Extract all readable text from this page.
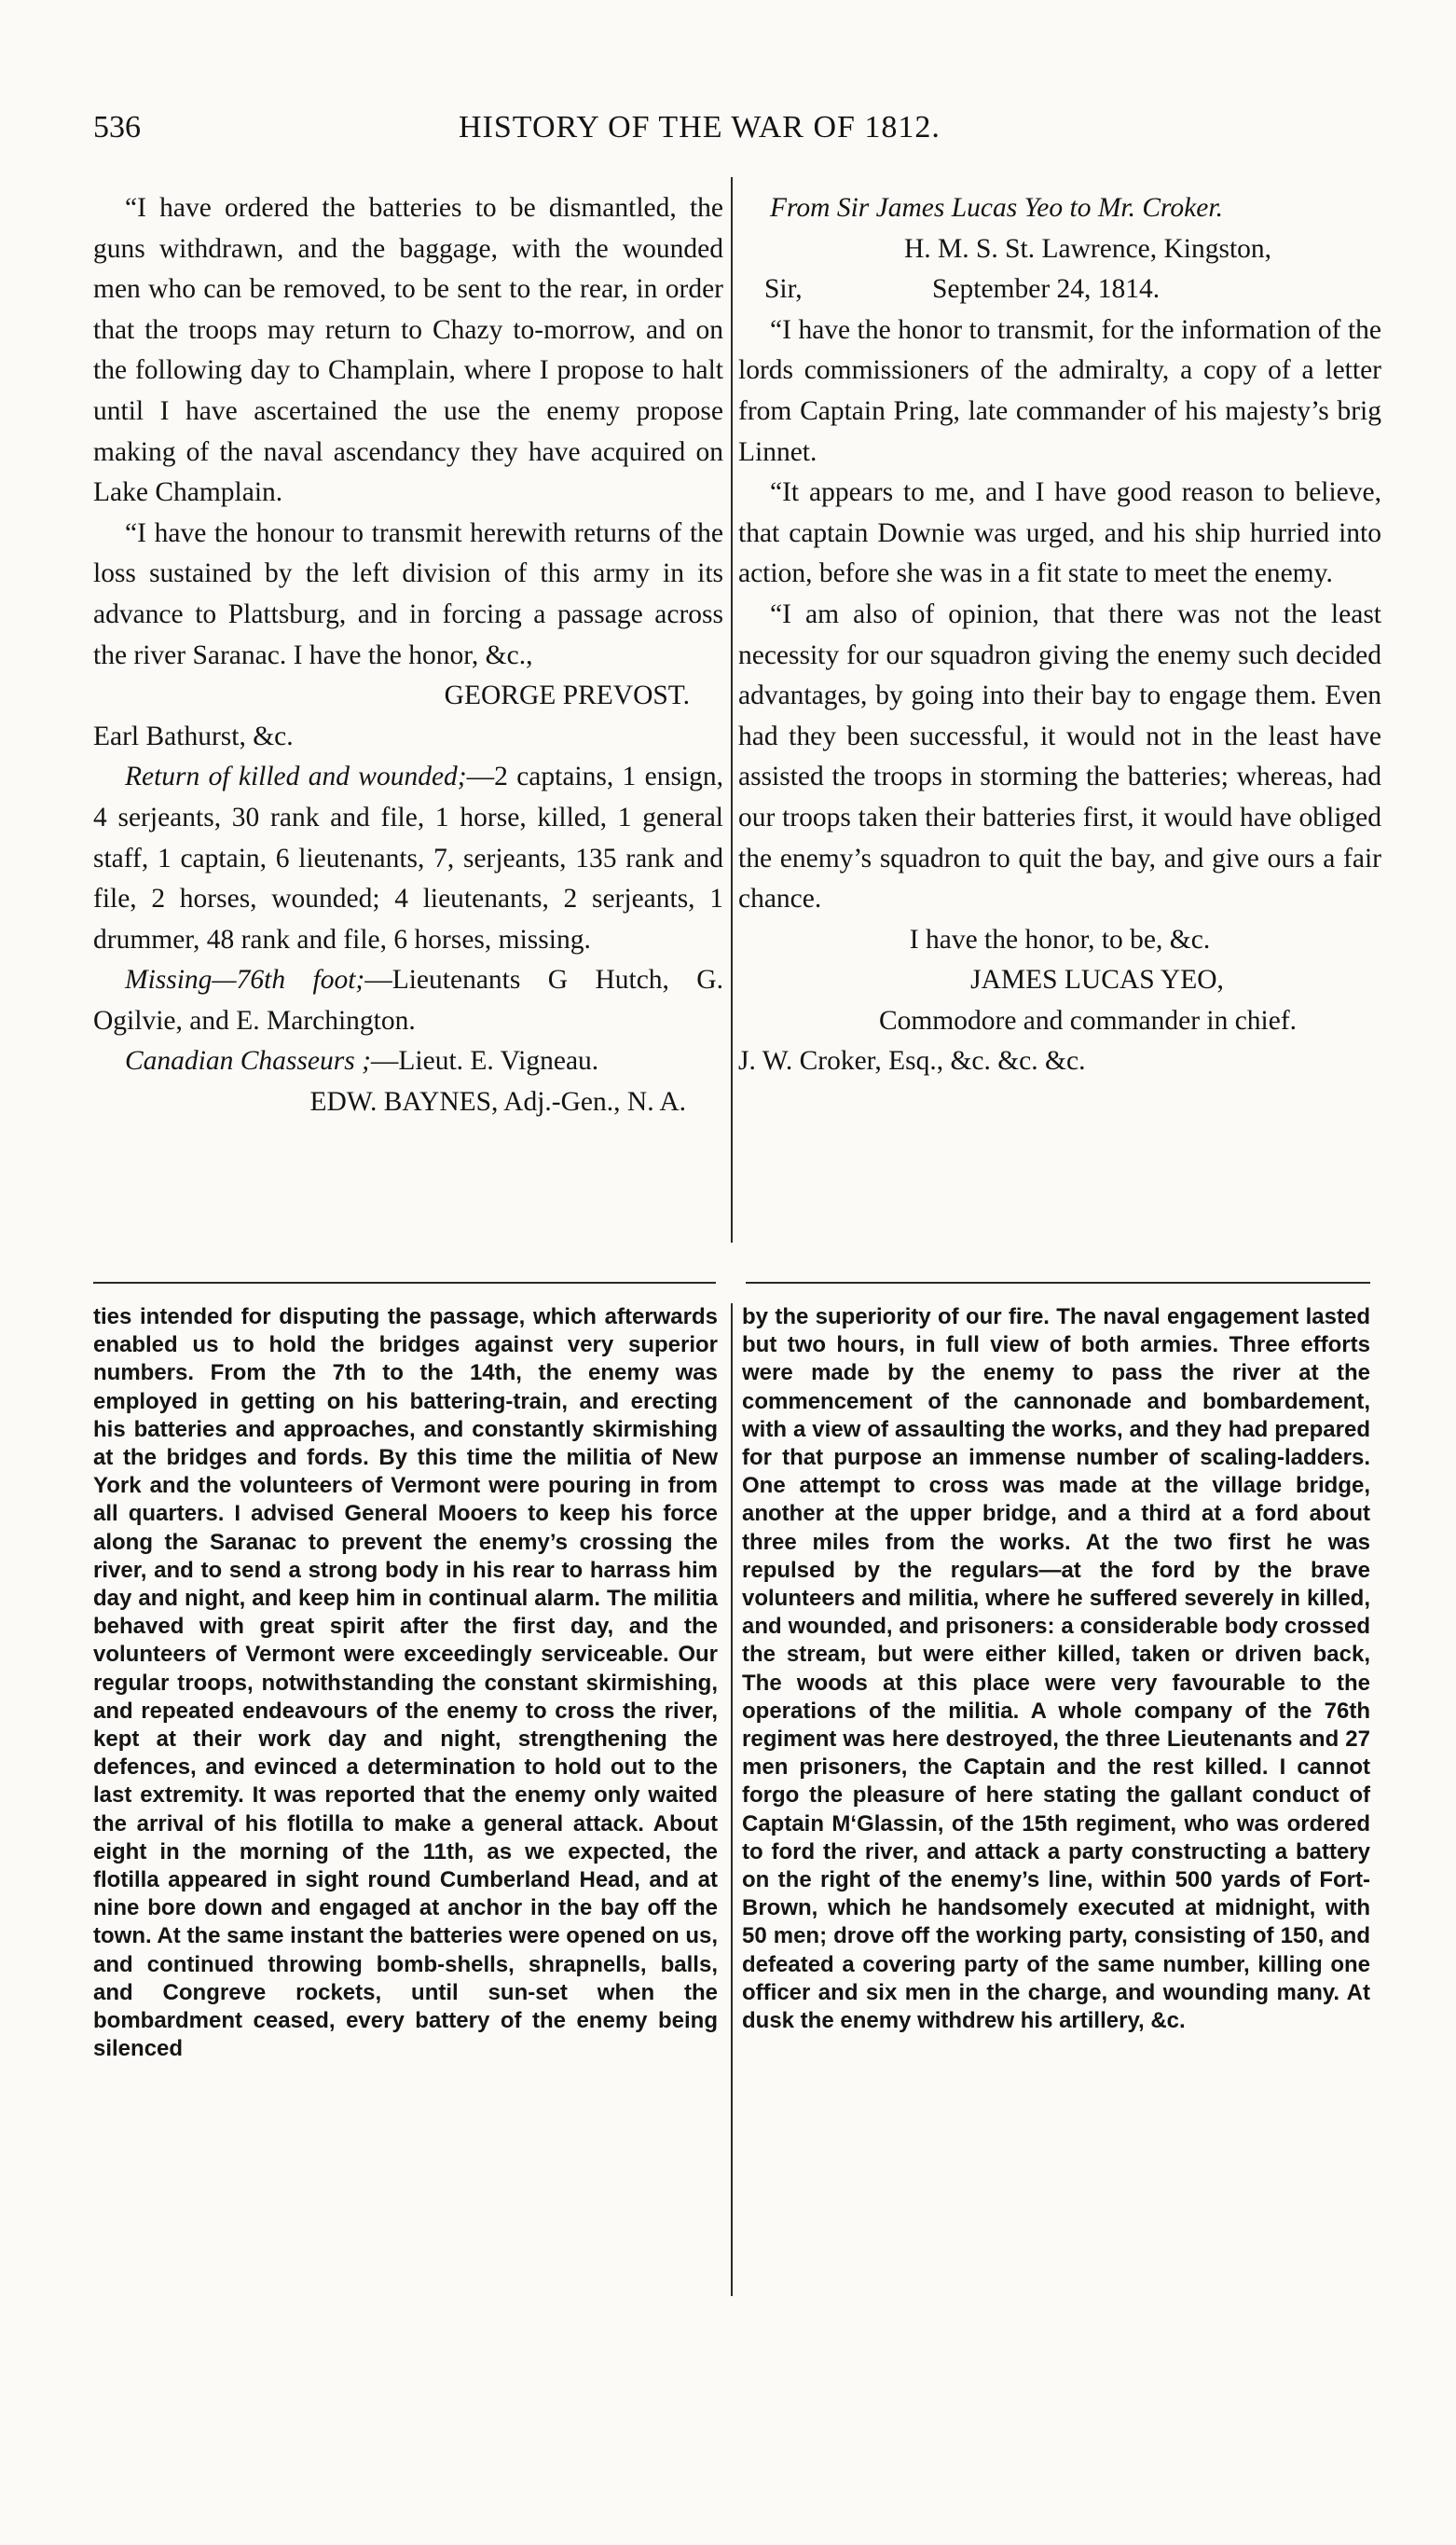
536	HISTORY OF THE WAR OF 1812.

“I have ordered the batteries to be dismantled, the guns withdrawn, and the baggage, with the wounded men who can be removed, to be sent to the rear, in order that the troops may return to Chazy to-morrow, and on the following day to Champlain, where I propose to halt until I have ascertained the use the enemy propose making of the naval ascendancy they have acquired on Lake Champlain.

“I have the honour to transmit herewith returns of the loss sustained by the left division of this army in its advance to Plattsburg, and in forcing a passage across the river Saranac. I have the honor, &c.,

GEORGE PREVOST.

Earl Bathurst, &c.

Return of killed and wounded;—2 captains, 1 ensign, 4 serjeants, 30 rank and file, 1 horse, killed, 1 general staff, 1 captain, 6 lieutenants, 7, serjeants, 135 rank and file, 2 horses, wounded; 4 lieutenants, 2 serjeants, 1 drummer, 48 rank and file, 6 horses, missing.

Missing—76th foot;—Lieutenants G Hutch, G. Ogilvie, and E. Marchington.

Canadian Chasseurs ;—Lieut. E. Vigneau.

EDW. BAYNES, Adj.-Gen., N. A.

From Sir James Lucas Yeo to Mr. Croker.

H. M. S. St. Lawrence, Kingston,

Sir,	September 24, 1814.

“I have the honor to transmit, for the information of the lords commissioners of the admiralty, a copy of a letter from Captain Pring, late commander of his majesty’s brig Linnet.

“It appears to me, and I have good reason to believe, that captain Downie was urged, and his ship hurried into action, before she was in a fit state to meet the enemy.

“I am also of opinion, that there was not the least necessity for our squadron giving the enemy such decided advantages, by going into their bay to engage them. Even had they been successful, it would not in the least have assisted the troops in storming the batteries; whereas, had our troops taken their batteries first, it would have obliged the enemy’s squadron to quit the bay, and give ours a fair chance.

I have the honor, to be, &c.

JAMES LUCAS YEO,

Commodore and commander in chief.

J. W. Croker, Esq., &c. &c. &c.

ties intended for disputing the passage, which afterwards enabled us to hold the bridges against very superior numbers. From the 7th to the 14th, the enemy was employed in getting on his battering-train, and erecting his batteries and approaches, and constantly skirmishing at the bridges and fords. By this time the militia of New York and the volunteers of Vermont were pouring in from all quarters. I advised General Mooers to keep his force along the Saranac to prevent the enemy’s crossing the river, and to send a strong body in his rear to harrass him day and night, and keep him in continual alarm. The militia behaved with great spirit after the first day, and the volunteers of Vermont were exceedingly serviceable. Our regular troops, notwithstanding the constant skirmishing, and repeated endeavours of the enemy to cross the river, kept at their work day and night, strengthening the defences, and evinced a determination to hold out to the last extremity. It was reported that the enemy only waited the arrival of his flotilla to make a general attack. About eight in the morning of the 11th, as we expected, the flotilla appeared in sight round Cumberland Head, and at nine bore down and engaged at anchor in the bay off the town. At the same instant the batteries were opened on us, and continued throwing bomb-shells, shrapnells, balls, and Congreve rockets, until sun-set when the bombardment ceased, every battery of the enemy being silenced

by the superiority of our fire. The naval engagement lasted but two hours, in full view of both armies. Three efforts were made by the enemy to pass the river at the commencement of the cannonade and bombardement, with a view of assaulting the works, and they had prepared for that purpose an immense number of scaling-ladders. One attempt to cross was made at the village bridge, another at the upper bridge, and a third at a ford about three miles from the works. At the two first he was repulsed by the regulars—at the ford by the brave volunteers and militia, where he suffered severely in killed, and wounded, and prisoners: a considerable body crossed the stream, but were either killed, taken or driven back, The woods at this place were very favourable to the operations of the militia. A whole company of the 76th regiment was here destroyed, the three Lieutenants and 27 men prisoners, the Captain and the rest killed. I cannot forgo the pleasure of here stating the gallant conduct of Captain M‘Glassin, of the 15th regiment, who was ordered to ford the river, and attack a party constructing a battery on the right of the enemy’s line, within 500 yards of Fort-Brown, which he handsomely executed at midnight, with 50 men; drove off the working party, consisting of 150, and defeated a covering party of the same number, killing one officer and six men in the charge, and wounding many. At dusk the enemy withdrew his artillery, &c.
